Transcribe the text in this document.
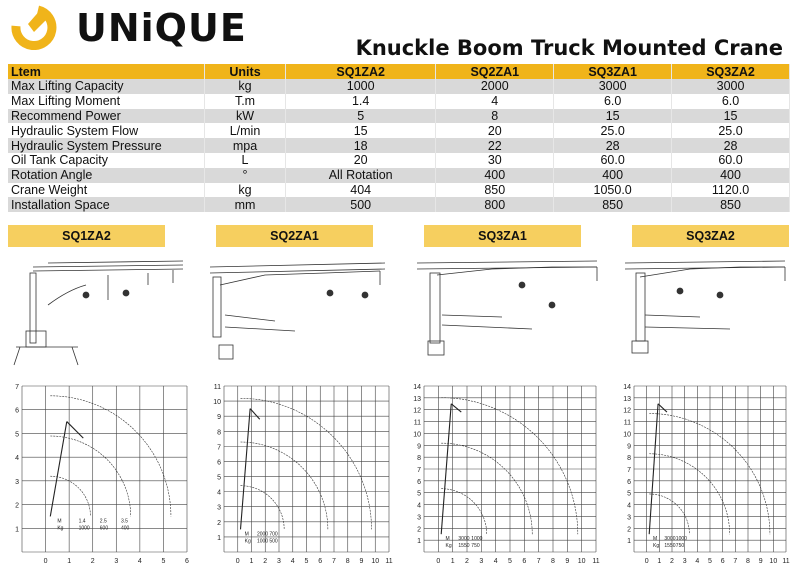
UNiQUE	Knuckle Boom Truck Mounted Crane
Ltem	Units	SQ1ZA2	SQ2ZA1	SQ3ZA1	SQ3ZA2
Max Lifting Capacity	kg	1000	2000	3000	3000
Max Lifting Moment	T.m	1.4	4	6.0	6.0
Recommend Power	kW	5	8	15	15
Hydraulic System Flow	L/min	15	20	25.0	25.0
Hydraulic System Pressure	mpa	18	22	28	28
Oil Tank Capacity	L	20	30	60.0	60.0
Rotation Angle	°	All Rotation	400	400	400
Crane Weight	kg	404	850	1050.0	1120.0
Installation Space	mm	500	800	850	850
SQ1ZA2	SQ2ZA1	SQ3ZA1	SQ3ZA2
0	1	2	3	4	5	6
1
2
3
4
5
6
7
M
Kg
1.4
1000
2.5
600
3.5
400
0 1 2 3 4 5 6 7 8 9 10 11
1
2
3
4
5
6
7
8
9
10
11
M
Kg
2000
1000
700
500
0 1 2 3 4 5 6 7 8 9 10 11
1
2
3
4
5
6
7
8
9
10
11
12
13
14
M
Kg
3000
1550
1000
750
0 1 2 3 4 5 6 7 8 9 10 11
1
2
3
4
5
6
7
8
9
10
11
12
13
14
M
Kg
3000
1550
1000
750
